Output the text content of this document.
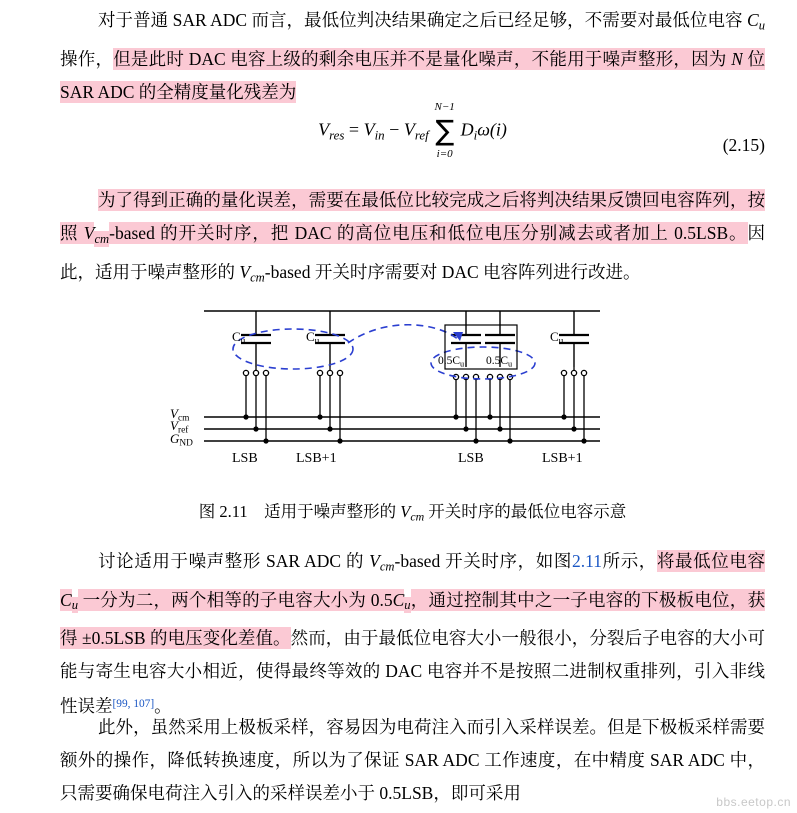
对于普通 SAR ADC 而言，最低位判决结果确定之后已经足够，不需要对最低位电容 $C_u$ 操作，但是此时 DAC 电容上级的剩余电压并不是量化噪声，不能用于噪声整形，因为 N 位 SAR ADC 的全精度量化残差为
$V_{res} = V_{in} - V_{ref}$
N−1
∑
i=0
$D_i\omega(i)$
(2.15)
为了得到正确的量化误差，需要在最低位比较完成之后将判决结果反馈回电容阵列，按照 $V_{cm}$-based 的开关时序，把 DAC 的高位电压和低位电压分别减去或者加上 0.5LSB。因此，适用于噪声整形的 $V_{cm}$-based 开关时序需要对 DAC 电容阵列进行改进。
$C_u$	$C_u$
$0.5C_u$ $0.5C_u$
$C_u$
$V_{cm}$
$V_{ref}$
$G_{ND}$
LSB	LSB+1	LSB	LSB+1
图 2.11 适用于噪声整形的 $V_{cm}$ 开关时序的最低位电容示意
讨论适用于噪声整形 SAR ADC 的 $V_{cm}$-based 开关时序，如图2.11所示，将最低位电容 $C_u$ 一分为二，两个相等的子电容大小为 $0.5C_u$，通过控制其中之一子电容的下极板电位，获得 ±0.5LSB 的电压变化差值。然而，由于最低位电容大小一般很小，分裂后子电容的大小可能与寄生电容大小相近，使得最终等效的 DAC 电容并不是按照二进制权重排列，引入非线性误差[99, 107]。
此外，虽然采用上极板采样，容易因为电荷注入而引入采样误差。但是下极板采样需要额外的操作，降低转换速度，所以为了保证 SAR ADC 工作速度，在中精度 SAR ADC 中，只需要确保电荷注入引入的采样误差小于 0.5LSB，即可采用	bbs.eetop.cn
